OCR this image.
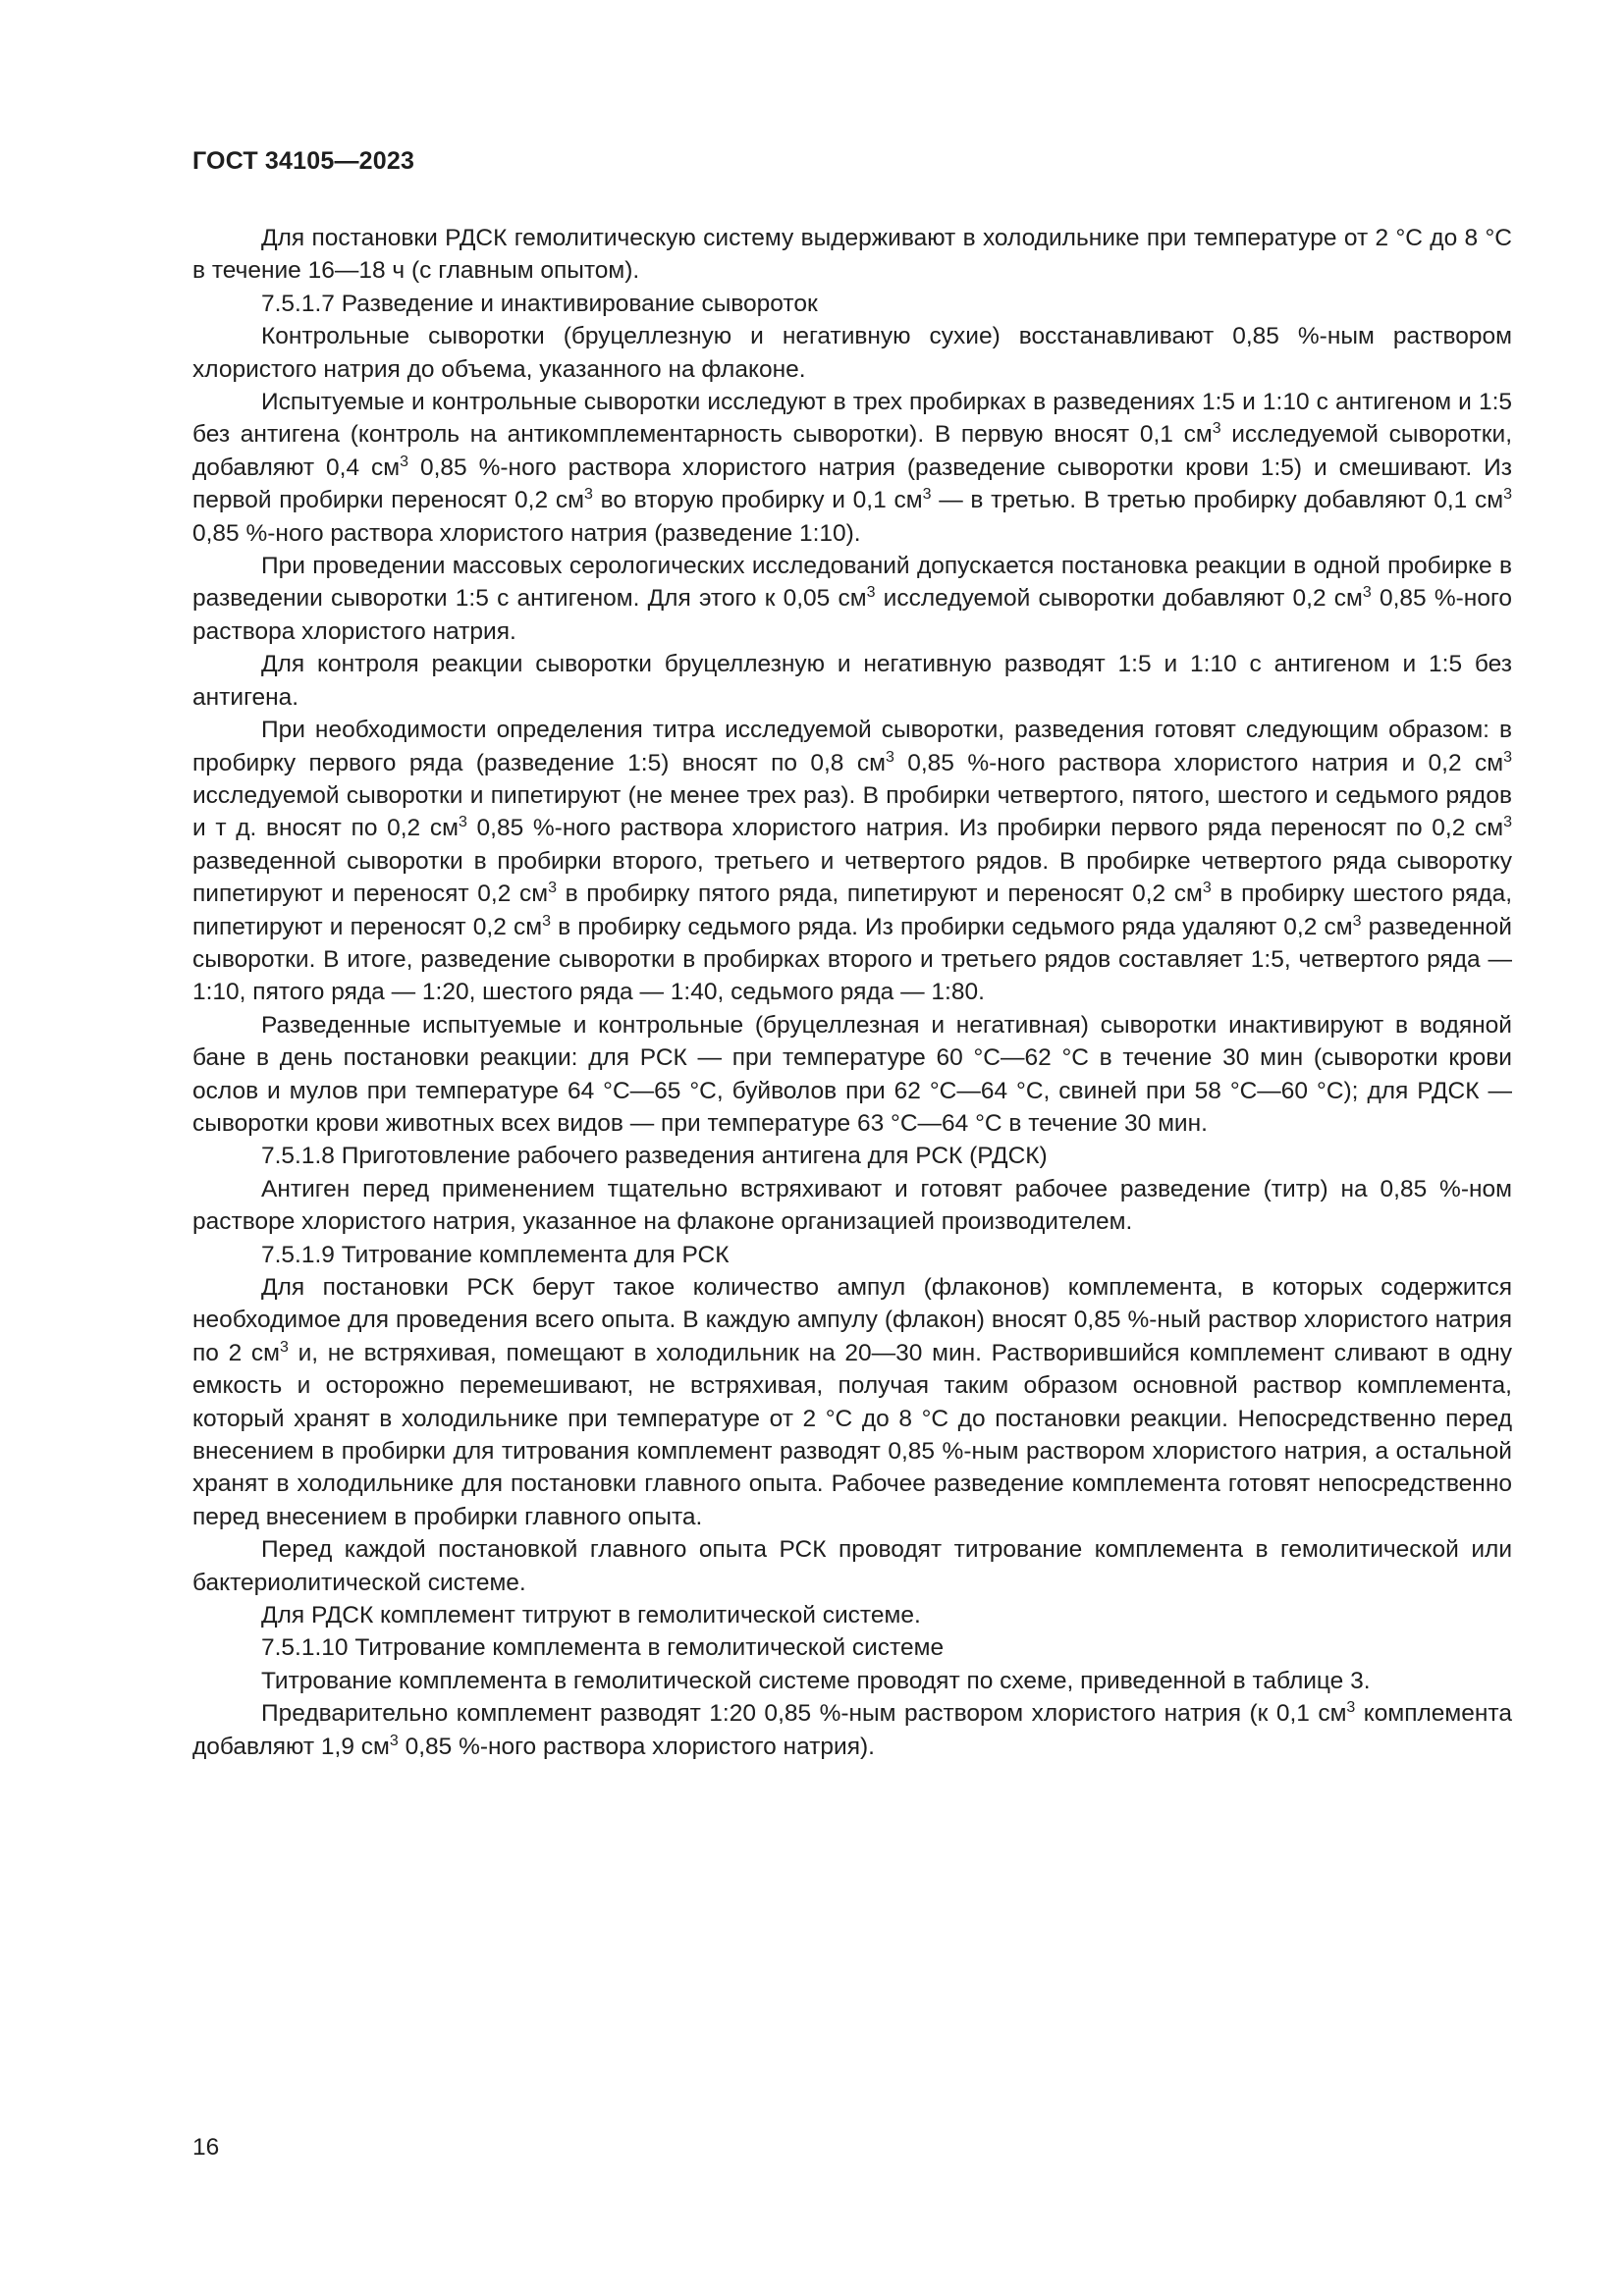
ГОСТ 34105—2023

Для постановки РДСК гемолитическую систему выдерживают в холодильнике при температуре от 2 °С до 8 °С в течение 16—18 ч (с главным опытом).

7.5.1.7 Разведение и инактивирование сывороток

Контрольные сыворотки (бруцеллезную и негативную сухие) восстанавливают 0,85 %-ным раствором хлористого натрия до объема, указанного на флаконе.

Испытуемые и контрольные сыворотки исследуют в трех пробирках в разведениях 1:5 и 1:10 с антигеном и 1:5 без антигена (контроль на антикомплементарность сыворотки). В первую вносят 0,1 $см^3$ исследуемой сыворотки, добавляют 0,4 $см^3$ 0,85 %-ного раствора хлористого натрия (разведение сыворотки крови 1:5) и смешивают. Из первой пробирки переносят 0,2 $см^3$ во вторую пробирку и 0,1 $см^3$ — в третью. В третью пробирку добавляют 0,1 $см^3$ 0,85 %-ного раствора хлористого натрия (разведение 1:10).

При проведении массовых серологических исследований допускается постановка реакции в одной пробирке в разведении сыворотки 1:5 с антигеном. Для этого к 0,05 $см^3$ исследуемой сыворотки добавляют 0,2 $см^3$ 0,85 %-ного раствора хлористого натрия.

Для контроля реакции сыворотки бруцеллезную и негативную разводят 1:5 и 1:10 с антигеном и 1:5 без антигена.

При необходимости определения титра исследуемой сыворотки, разведения готовят следующим образом: в пробирку первого ряда (разведение 1:5) вносят по 0,8 $см^3$ 0,85 %-ного раствора хлористого натрия и 0,2 $см^3$ исследуемой сыворотки и пипетируют (не менее трех раз). В пробирки четвертого, пятого, шестого и седьмого рядов и т д. вносят по 0,2 $см^3$ 0,85 %-ного раствора хлористого натрия. Из пробирки первого ряда переносят по 0,2 $см^3$ разведенной сыворотки в пробирки второго, третьего и четвертого рядов. В пробирке четвертого ряда сыворотку пипетируют и переносят 0,2 $см^3$ в пробирку пятого ряда, пипетируют и переносят 0,2 $см^3$ в пробирку шестого ряда, пипетируют и переносят 0,2 $см^3$ в пробирку седьмого ряда. Из пробирки седьмого ряда удаляют 0,2 $см^3$ разведенной сыворотки. В итоге, разведение сыворотки в пробирках второго и третьего рядов составляет 1:5, четвертого ряда — 1:10, пятого ряда — 1:20, шестого ряда — 1:40, седьмого ряда — 1:80.

Разведенные испытуемые и контрольные (бруцеллезная и негативная) сыворотки инактивируют в водяной бане в день постановки реакции: для РСК — при температуре 60 °С—62 °С в течение 30 мин (сыворотки крови ослов и мулов при температуре 64 °С—65 °С, буйволов при 62 °С—64 °С, свиней при 58 °С—60 °С); для РДСК — сыворотки крови животных всех видов — при температуре 63 °С—64 °С в течение 30 мин.

7.5.1.8 Приготовление рабочего разведения антигена для РСК (РДСК)

Антиген перед применением тщательно встряхивают и готовят рабочее разведение (титр) на 0,85 %-ном растворе хлористого натрия, указанное на флаконе организацией производителем.

7.5.1.9 Титрование комплемента для РСК

Для постановки РСК берут такое количество ампул (флаконов) комплемента, в которых содержится необходимое для проведения всего опыта. В каждую ампулу (флакон) вносят 0,85 %-ный раствор хлористого натрия по 2 $см^3$ и, не встряхивая, помещают в холодильник на 20—30 мин. Растворившийся комплемент сливают в одну емкость и осторожно перемешивают, не встряхивая, получая таким образом основной раствор комплемента, который хранят в холодильнике при температуре от 2 °С до 8 °С до постановки реакции. Непосредственно перед внесением в пробирки для титрования комплемент разводят 0,85 %-ным раствором хлористого натрия, а остальной хранят в холодильнике для постановки главного опыта. Рабочее разведение комплемента готовят непосредственно перед внесением в пробирки главного опыта.

Перед каждой постановкой главного опыта РСК проводят титрование комплемента в гемолитической или бактериолитической системе.

Для РДСК комплемент титруют в гемолитической системе.

7.5.1.10 Титрование комплемента в гемолитической системе

Титрование комплемента в гемолитической системе проводят по схеме, приведенной в таблице 3.

Предварительно комплемент разводят 1:20 0,85 %-ным раствором хлористого натрия (к 0,1 $см^3$ комплемента добавляют 1,9 $см^3$ 0,85 %-ного раствора хлористого натрия).

16
